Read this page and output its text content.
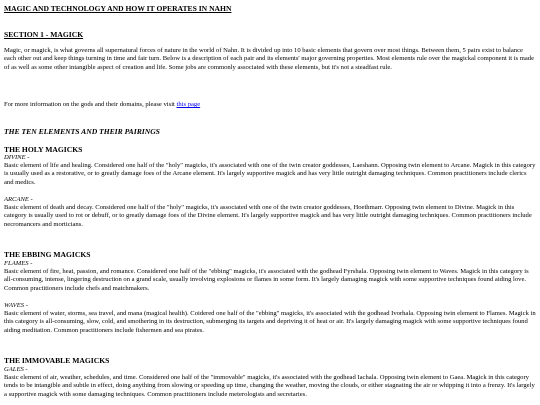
MAGIC AND TECHNOLOGY AND HOW IT OPERATES IN NAHN
SECTION 1 - MAGICK

Magic, or magick, is what governs all supernatural forces of nature in the world of Nahn. It is divided up into 10 basic elements that govern over most things. Between them, 5 pairs exist to balance each other out and keep things turning in time and fair turn. Below is a description of each pair and its elements' major governing properties. Most elements rule over the magickal component it is made of as well as some other intangible aspect of creation and life. Some jobs are commonly associated with these elements, but it's not a steadfast rule.

For more information on the gods and their domains, please visit this page

THE TEN ELEMENTS AND THEIR PAIRINGS
THE HOLY MAGICKS
DIVINE -

Basic element of life and healing. Considered one half of the "holy" magicks, it's associated with one of the twin creator goddesses, Laeshann. Opposing twin element to Arcane. Magick in this category is usually used as a restorative, or to greatly damage foes of the Arcane element. It's largely supportive magick and has very little outright damaging techniques. Common practitioners include clerics and medics.

ARCANE -

Basic element of death and decay. Considered one half of the "holy" magicks, it's associated with one of the twin creator goddesses, Hoethmarr. Opposing twin element to Divine. Magick in this category is usually used to rot or debuff, or to greatly damage foes of the Divine element. It's largely supportive magick and has very little outright damaging techniques. Common practitioners include necromancers and morticians.

THE EBBING MAGICKS
FLAMES -

Basic element of fire, heat, passion, and romance. Considered one half of the "ebbing" magicks, it's associated with the godhead Fyrshala. Opposing twin element to Waves. Magick in this category is all-consuming, intense, lingering destruction on a grand scale, usually involving explosions or flames in some form. It's largely damaging magick with some supportive techniques found aiding love. Common practitioners include chefs and matchmakers.

WAVES -

Basic element of water, storms, sea travel, and mana (magical health). Coidered one half of the "ebbing" magicks, it's associated with the godhead Ivorhala. Opposing twin element to Flames. Magick in this category is all-consuming, slow, cold, and smothering in its destruction, submerging its targets and depriving it of heat or air. It's largely damaging magick with some supportive techniques found aiding meditation. Common practitioners include fishermen and sea pirates.

THE IMMOVABLE MAGICKS
GALES -

Basic element of air, weather, schedules, and time. Considered one half of the "immovable" magicks, it's associated with the godhead Iachala. Opposing twin element to Gaea. Magick in this category tends to be intangible and subtle in effect, doing anything from slowing or speeding up time, changing the weather, moving the clouds, or either stagnating the air or whipping it into a frenzy. It's largely a supportive magick with some damaging techniques. Common practitioners include meterologists and secretaries.
